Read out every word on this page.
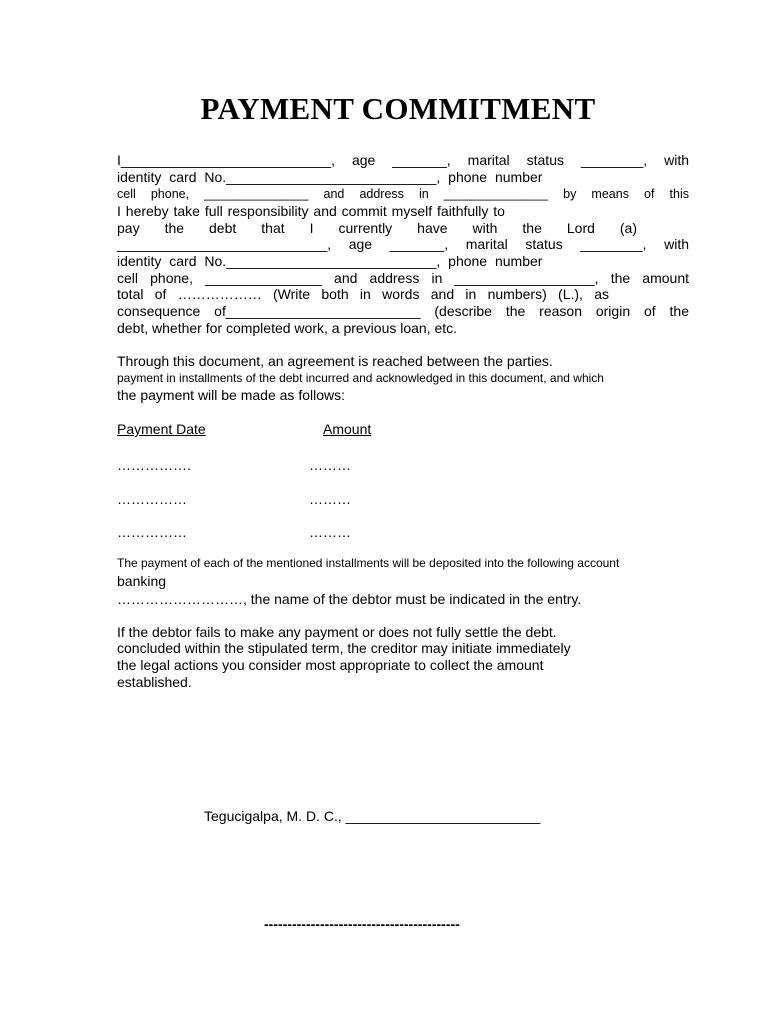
PAYMENT COMMITMENT
I___________________________, age _______, marital status ________, with
identity card No.___________________________, phone number
cell phone, _______________ and address in _______________ by means of this
I hereby take full responsibility and commit myself faithfully to
pay the debt that I currently have with the Lord (a)
___________________________, age _______, marital status ________, with
identity card No.___________________________, phone number
cell phone, _______________ and address in __________________, the amount
total of ……………… (Write both in words and in numbers) (L.), as
consequence of_________________________ (describe the reason origin of the
debt, whether for completed work, a previous loan, etc.
Through this document, an agreement is reached between the parties.
payment in installments of the debt incurred and acknowledged in this document, and which
the payment will be made as follows:
Payment Date	Amount
…………….	………
……………	………
……………	………
The payment of each of the mentioned installments will be deposited into the following account
banking
………………………, the name of the debtor must be indicated in the entry.
If the debtor fails to make any payment or does not fully settle the debt.
concluded within the stipulated term, the creditor may initiate immediately
the legal actions you consider most appropriate to collect the amount
established.
Tegucigalpa, M. D. C., _________________________
------------------------------------------
